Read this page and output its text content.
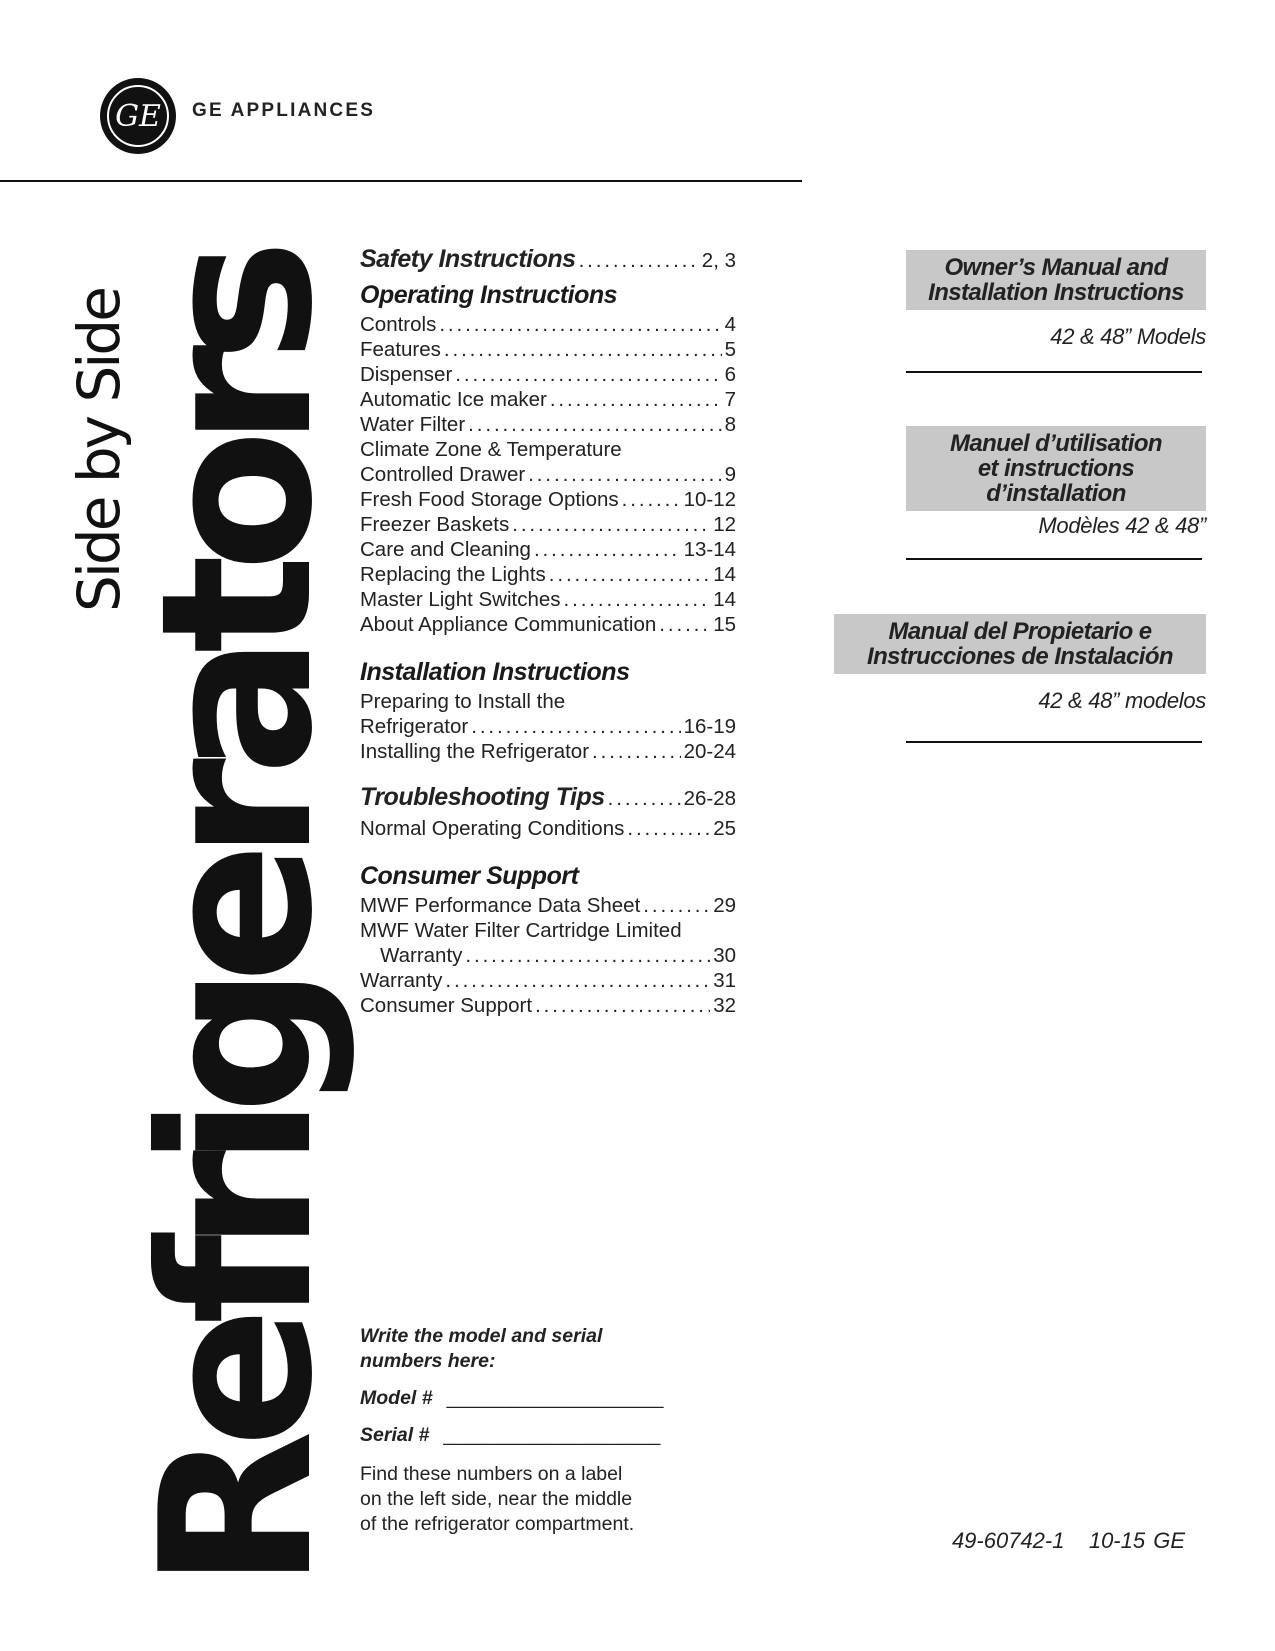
GE GE APPLIANCES
Side by Side
Refrigerators Safety Instructions . . .	2, 3
Operating Instructions
Controls . . .	4
Features . . .	5
Dispenser . . .	6
Automatic Ice maker . . .	7
Water Filter . . .	8
Climate Zone & Temperature
Controlled Drawer . . .	9
Fresh Food Storage Options . . .	10-12
Freezer Baskets . . .	12
Care and Cleaning . . .	13-14
Replacing the Lights . . .	14
Master Light Switches . . .	14
About Appliance Communication . . .	15
Installation Instructions
Preparing to Install the
Refrigerator . . .	16-19
Installing the Refrigerator . . .	20-24
Troubleshooting Tips . . .	26-28
Normal Operating Conditions . . .	25
Consumer Support
MWF Performance Data Sheet . . .	29
MWF Water Filter Cartridge Limited
Warranty . . .	30
Warranty . . .	31
Consumer Support . . .	32
Owner’s Manual and
Installation Instructions
42 & 48” Models
Manuel d’utilisation
et instructions
d’installation
Modèles 42 & 48”
Manual del Propietario e
Instrucciones de Instalación
42 & 48” modelos
Write the model and serial
numbers here:
Model # ____________________
Serial # ____________________
Find these numbers on a label
on the left side, near the middle
of the refrigerator compartment.
49-60742-1 10-15 GE
